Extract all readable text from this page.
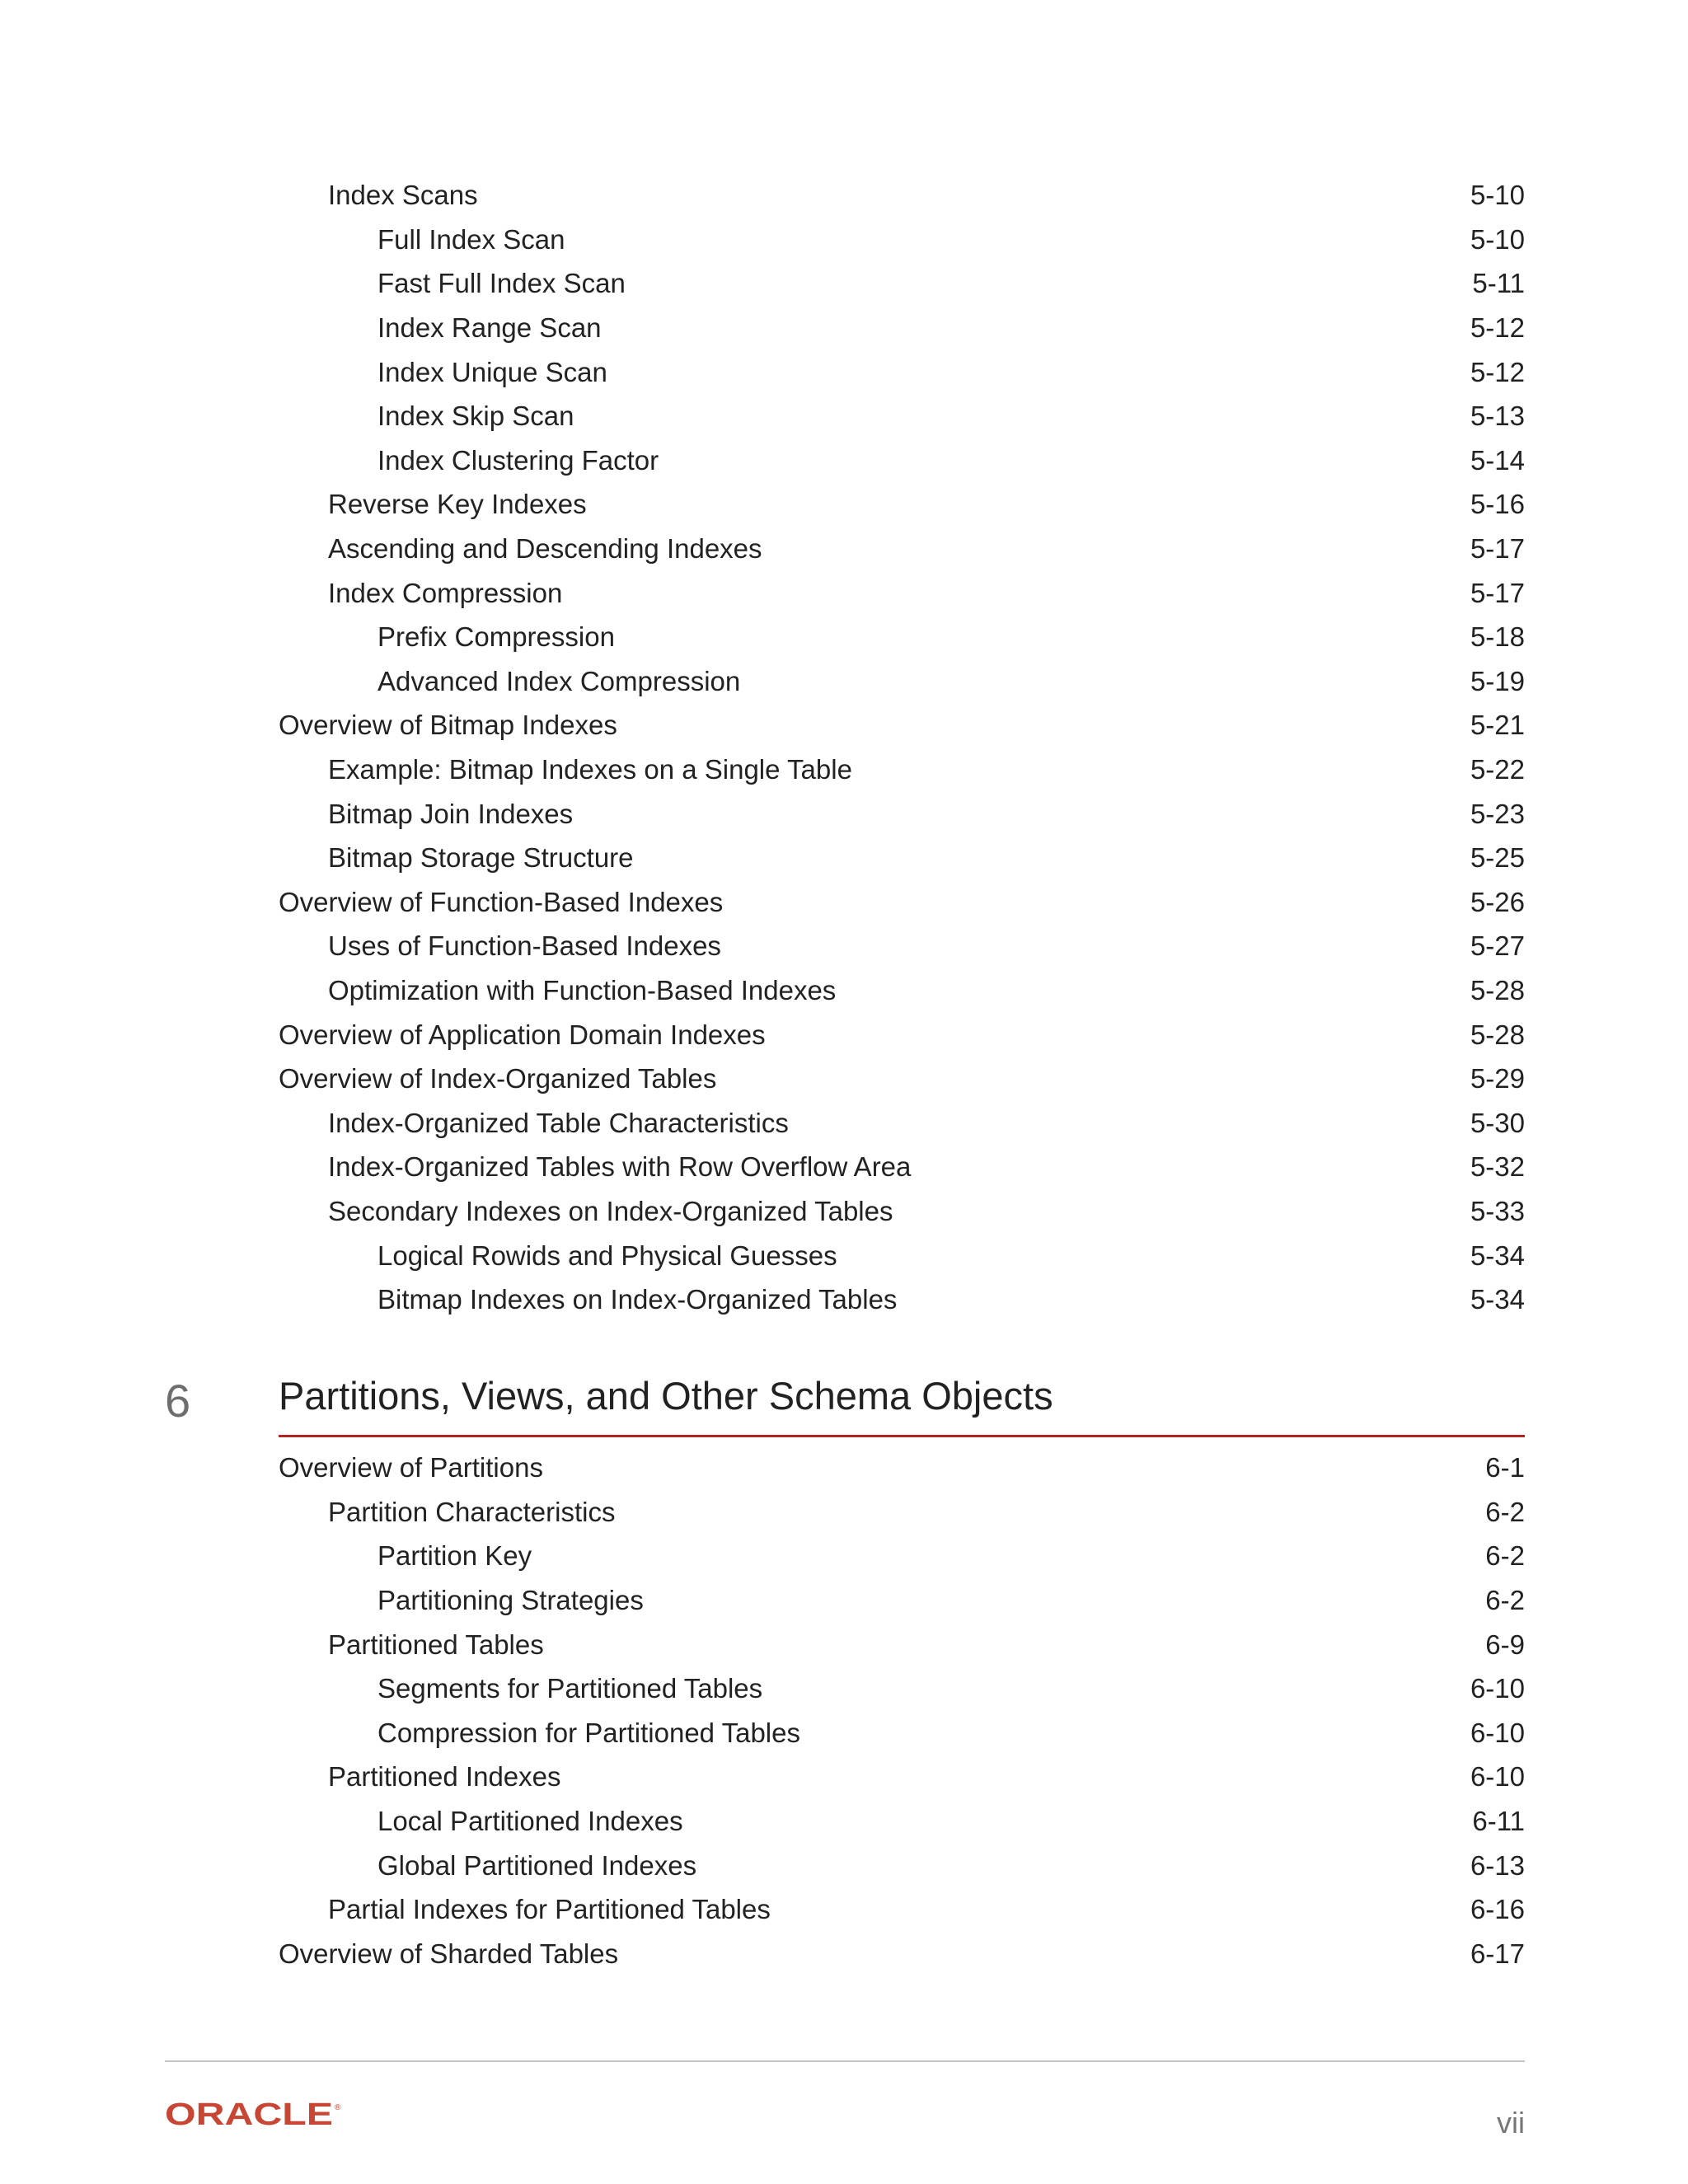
Index Scans	5-10
Full Index Scan	5-10
Fast Full Index Scan	5-11
Index Range Scan	5-12
Index Unique Scan	5-12
Index Skip Scan	5-13
Index Clustering Factor	5-14
Reverse Key Indexes	5-16
Ascending and Descending Indexes	5-17
Index Compression	5-17
Prefix Compression	5-18
Advanced Index Compression	5-19
Overview of Bitmap Indexes	5-21
Example: Bitmap Indexes on a Single Table	5-22
Bitmap Join Indexes	5-23
Bitmap Storage Structure	5-25
Overview of Function-Based Indexes	5-26
Uses of Function-Based Indexes	5-27
Optimization with Function-Based Indexes	5-28
Overview of Application Domain Indexes	5-28
Overview of Index-Organized Tables	5-29
Index-Organized Table Characteristics	5-30
Index-Organized Tables with Row Overflow Area	5-32
Secondary Indexes on Index-Organized Tables	5-33
Logical Rowids and Physical Guesses	5-34
Bitmap Indexes on Index-Organized Tables	5-34
6 Partitions, Views, and Other Schema Objects
Overview of Partitions	6-1
Partition Characteristics	6-2
Partition Key	6-2
Partitioning Strategies	6-2
Partitioned Tables	6-9
Segments for Partitioned Tables	6-10
Compression for Partitioned Tables	6-10
Partitioned Indexes	6-10
Local Partitioned Indexes	6-11
Global Partitioned Indexes	6-13
Partial Indexes for Partitioned Tables	6-16
Overview of Sharded Tables	6-17
ORACLE ®	vii
